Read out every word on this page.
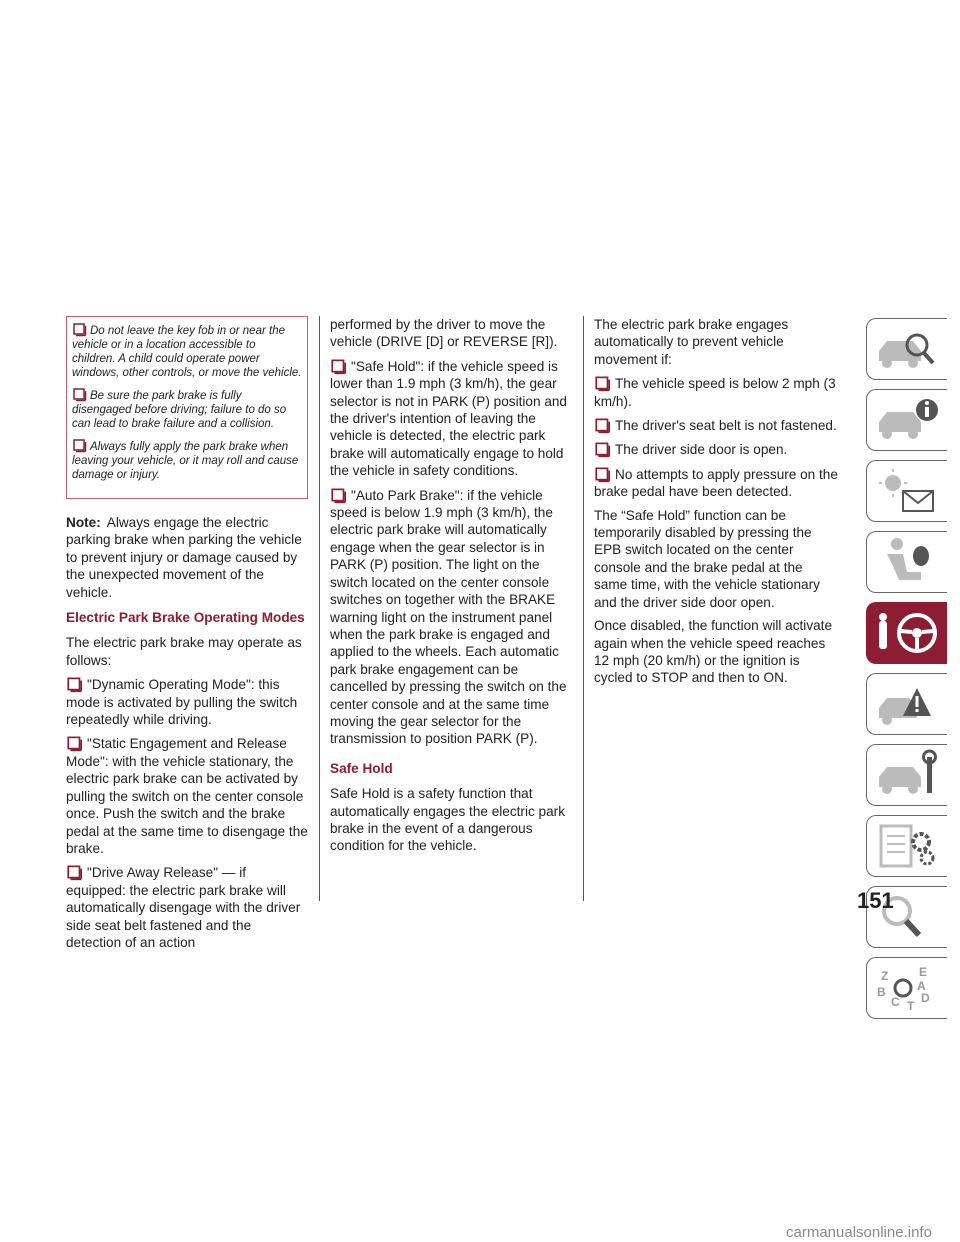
Do not leave the key fob in or near the vehicle or in a location accessible to children. A child could operate power windows, other controls, or move the vehicle.
Be sure the park brake is fully disengaged before driving; failure to do so can lead to brake failure and a collision.
Always fully apply the park brake when leaving your vehicle, or it may roll and cause damage or injury.

Note: Always engage the electric parking brake when parking the vehicle to prevent injury or damage caused by the unexpected movement of the vehicle.

Electric Park Brake Operating Modes

The electric park brake may operate as follows:

"Dynamic Operating Mode": this mode is activated by pulling the switch repeatedly while driving.
"Static Engagement and Release Mode": with the vehicle stationary, the electric park brake can be activated by pulling the switch on the center console once. Push the switch and the brake pedal at the same time to disengage the brake.
"Drive Away Release" — if equipped: the electric park brake will automatically disengage with the driver side seat belt fastened and the detection of an action

performed by the driver to move the vehicle (DRIVE [D] or REVERSE [R]).

"Safe Hold": if the vehicle speed is lower than 1.9 mph (3 km/h), the gear selector is not in PARK (P) position and the driver's intention of leaving the vehicle is detected, the electric park brake will automatically engage to hold the vehicle in safety conditions.
"Auto Park Brake": if the vehicle speed is below 1.9 mph (3 km/h), the electric park brake will automatically engage when the gear selector is in PARK (P) position. The light on the switch located on the center console switches on together with the BRAKE warning light on the instrument panel when the park brake is engaged and applied to the wheels. Each automatic park brake engagement can be cancelled by pressing the switch on the center console and at the same time moving the gear selector for the transmission to position PARK (P).
Safe Hold

Safe Hold is a safety function that automatically engages the electric park brake in the event of a dangerous condition for the vehicle.

The electric park brake engages automatically to prevent vehicle movement if:

The vehicle speed is below 2 mph (3 km/h).
The driver's seat belt is not fastened.
The driver side door is open.
No attempts to apply pressure on the brake pedal have been detected.

The “Safe Hold” function can be temporarily disabled by pressing the EPB switch located on the center console and the brake pedal at the same time, with the vehicle stationary and the driver side door open.

Once disabled, the function will activate again when the vehicle speed reaches 12 mph (20 km/h) or the ignition is cycled to STOP and then to ON.

Z	E
B	A
C D
T
151
carmanualsonline.info
